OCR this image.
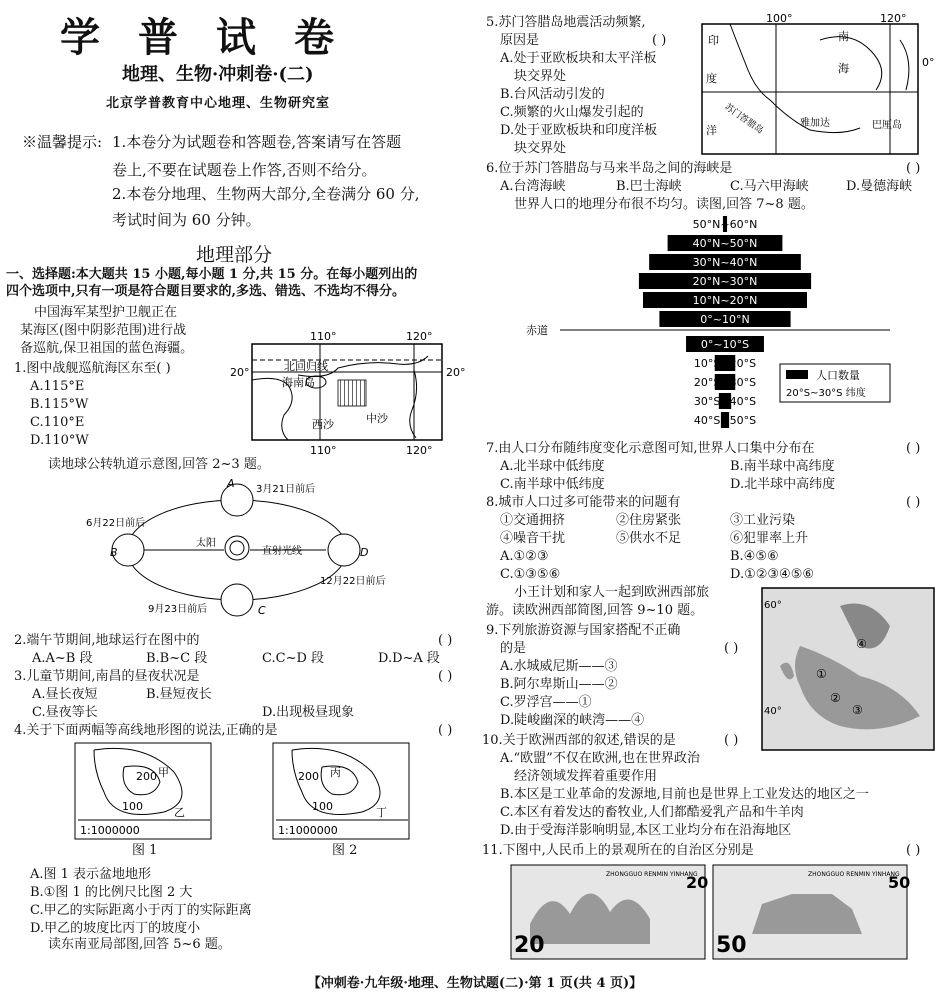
学普试卷
地理、生物·冲刺卷·(二)
北京学普教育中心地理、生物研究室
※温馨提示: 1.本卷分为试题卷和答题卷,答案请写在答题
卷上,不要在试题卷上作答,否则不给分。
2.本卷分地理、生物两大部分,全卷满分 60 分,
考试时间为 60 分钟。
地理部分
一、选择题:本大题共 15 小题,每小题 1 分,共 15 分。在每小题列出的
四个选项中,只有一项是符合题目要求的,多选、错选、不选均不得分。
中国海军某型护卫舰正在
某海区(图中阴影范围)进行战
备巡航,保卫祖国的蓝色海疆。
1.图中战舰巡航海区东至( )
A.115°E
B.115°W
C.110°E
D.110°W
110°	120°
北回归线
海南岛
西沙	中沙
20°	20°
110°	120°
读地球公转轨道示意图,回答 2~3 题。
A
B
C
D
3月21日前后
6月22日前后
9月23日前后
12月22日前后
太阳
直射光线
2.端午节期间,地球运行在图中的	( )
A.A~B 段	B.B~C 段	C.C~D 段	D.D~A 段
3.儿童节期间,南昌的昼夜状况是	( )
A.昼长夜短	B.昼短夜长
C.昼夜等长	D.出现极昼现象
4.关于下面两幅等高线地形图的说法,正确的是	( )
200 甲
100	乙
1:1000000
图 1
200 丙
100	丁
1:1000000
图 2
A.图 1 表示盆地地形
B.①图 1 的比例尺比图 2 大
C.甲乙的实际距离小于丙丁的实际距离
D.甲乙的坡度比丙丁的坡度小
读东南亚局部图,回答 5~6 题。
5.苏门答腊岛地震活动频繁,
原因是	( )
A.处于亚欧板块和太平洋板
块交界处
B.台风活动引发的
C.频繁的火山爆发引起的
D.处于亚欧板块和印度洋板
块交界处
100°	120°
印
度
洋
南
海	0°
苏门答腊岛	雅加达	巴厘岛
6.位于苏门答腊岛与马来半岛之间的海峡是	( )
A.台湾海峡	B.巴士海峡	C.马六甲海峡	D.曼德海峡
世界人口的地理分布很不均匀。读图,回答 7~8 题。
赤道
50°N~60°N
40°N~50°N
30°N~40°N
20°N~30°N
10°N~20°N
0°~10°N
0°~10°S
10°S~20°S
20°S~30°S
30°S~40°S
40°S~50°S
人口数量
20°S~30°S 纬度
7.由人口分布随纬度变化示意图可知,世界人口集中分布在	( )
A.北半球中低纬度	B.南半球中高纬度
C.南半球中低纬度	D.北半球中高纬度
8.城市人口过多可能带来的问题有	( )
①交通拥挤	②住房紧张	③工业污染
④噪音干扰	⑤供水不足	⑥犯罪率上升
A.①②③	B.④⑤⑥
C.①③⑤⑥	D.①②③④⑤⑥
小王计划和家人一起到欧洲西部旅
游。读欧洲西部简图,回答 9~10 题。
9.下列旅游资源与国家搭配不正确
的是	( )
A.水城威尼斯——③
B.阿尔卑斯山——②
C.罗浮宫——①
D.陡峻幽深的峡湾——④
60°
40°
④
①
②
③
10.关于欧洲西部的叙述,错误的是	( )
A.“欧盟”不仅在欧洲,也在世界政治
经济领域发挥着重要作用
B.本区是工业革命的发源地,目前也是世界上工业发达的地区之一
C.本区有着发达的畜牧业,人们都酷爱乳产品和牛羊肉
D.由于受海洋影响明显,本区工业均分布在沿海地区
11.下图中,人民币上的景观所在的自治区分别是	( )
20
20
ZHONGGUO RENMIN YINHANG
50
50
ZHONGGUO RENMIN YINHANG
【冲刺卷·九年级·地理、生物试题(二)·第 1 页(共 4 页)】
